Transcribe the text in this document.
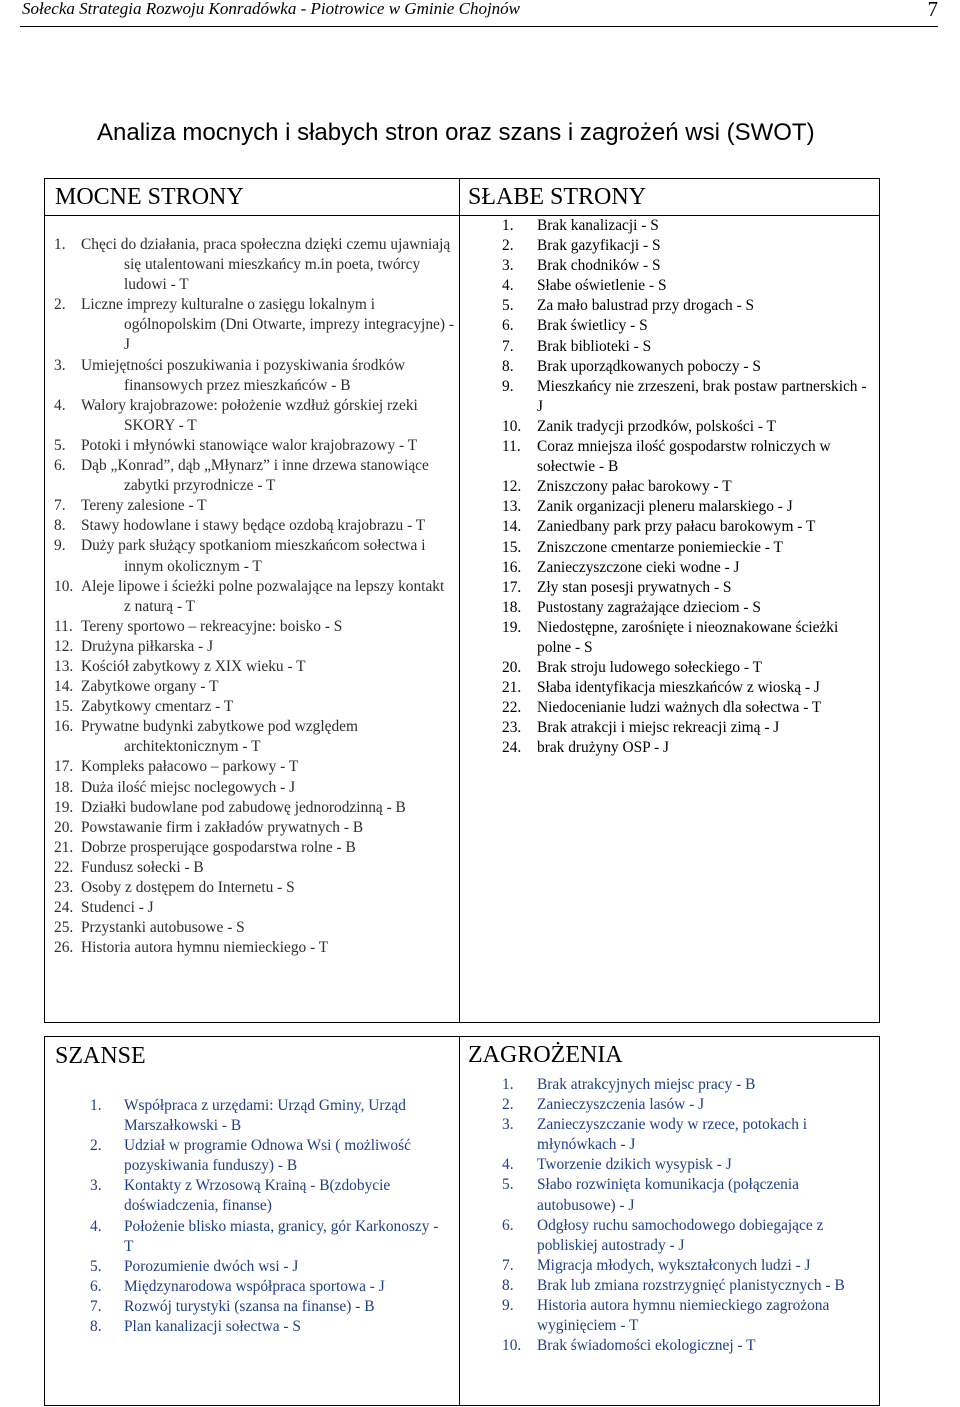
Sołecka Strategia Rozwoju Konradówka - Piotrowice w Gminie Chojnów	7
Analiza mocnych i słabych stron oraz szans i zagrożeń wsi (SWOT)
MOCNE STRONY
1. Chęci do działania, praca społeczna dzięki czemu ujawniają się utalentowani mieszkańcy m.in poeta, twórcy ludowi - T
2. Liczne imprezy kulturalne o zasięgu lokalnym i ogólnopolskim (Dni Otwarte, imprezy integracyjne) - J
3. Umiejętności poszukiwania i pozyskiwania środków finansowych przez mieszkańców - B
4. Walory krajobrazowe: położenie wzdłuż górskiej rzeki SKORY - T
5. Potoki i młynówki stanowiące walor krajobrazowy - T
6. Dąb „Konrad”, dąb „Młynarz” i inne drzewa stanowiące zabytki przyrodnicze - T
7. Tereny zalesione - T
8. Stawy hodowlane i stawy będące ozdobą krajobrazu - T
9. Duży park służący spotkaniom mieszkańcom sołectwa i innym okolicznym - T
10. Aleje lipowe i ścieżki polne pozwalające na lepszy kontakt z naturą - T
11. Tereny sportowo – rekreacyjne: boisko - S
12. Drużyna piłkarska - J
13. Kościół zabytkowy z XIX wieku - T
14. Zabytkowe organy - T
15. Zabytkowy cmentarz - T
16. Prywatne budynki zabytkowe pod względem architektonicznym - T
17. Kompleks pałacowo – parkowy - T
18. Duża ilość miejsc noclegowych - J
19. Działki budowlane pod zabudowę jednorodzinną - B
20. Powstawanie firm i zakładów prywatnych - B
21. Dobrze prosperujące gospodarstwa rolne - B
22. Fundusz sołecki - B
23. Osoby z dostępem do Internetu - S
24. Studenci - J
25. Przystanki autobusowe - S
26. Historia autora hymnu niemieckiego - T
SŁABE STRONY
1.	Brak kanalizacji - S
2.	Brak gazyfikacji - S
3.	Brak chodników - S
4.	Słabe oświetlenie - S
5.	Za mało balustrad przy drogach - S
6.	Brak świetlicy - S
7.	Brak biblioteki - S
8.	Brak uporządkowanych poboczy - S
9.	Mieszkańcy nie zrzeszeni, brak postaw partnerskich - J
10.	Zanik tradycji przodków, polskości - T
11.	Coraz mniejsza ilość gospodarstw rolniczych w sołectwie - B
12.	Zniszczony pałac barokowy - T
13.	Zanik organizacji pleneru malarskiego - J
14.	Zaniedbany park przy pałacu barokowym - T
15.	Zniszczone cmentarze poniemieckie - T
16.	Zanieczyszczone cieki wodne - J
17.	Zły stan posesji prywatnych - S
18.	Pustostany zagrażające dzieciom - S
19.	Niedostępne, zarośnięte i nieoznakowane ścieżki polne - S
20.	Brak stroju ludowego sołeckiego - T
21.	Słaba identyfikacja mieszkańców z wioską - J
22.	Niedocenianie ludzi ważnych dla sołectwa - T
23.	Brak atrakcji i miejsc rekreacji zimą - J
24.	brak drużyny OSP - J
SZANSE
1.	Współpraca z urzędami: Urząd Gminy, Urząd Marszałkowski - B
2.	Udział w programie Odnowa Wsi ( możliwość pozyskiwania funduszy) - B
3.	Kontakty z Wrzosową Krainą - B(zdobycie doświadczenia, finanse)
4.	Położenie blisko miasta, granicy, gór Karkonoszy - T
5.	Porozumienie dwóch wsi - J
6.	Międzynarodowa współpraca sportowa - J
7.	Rozwój turystyki (szansa na finanse) - B
8.	Plan kanalizacji sołectwa - S
ZAGROŻENIA
1.	Brak atrakcyjnych miejsc pracy - B
2.	Zanieczyszczenia lasów - J
3.	Zanieczyszczanie wody w rzece, potokach i młynówkach - J
4.	Tworzenie dzikich wysypisk - J
5.	Słabo rozwinięta komunikacja (połączenia autobusowe) - J
6.	Odgłosy ruchu samochodowego dobiegające z pobliskiej autostrady - J
7.	Migracja młodych, wykształconych ludzi - J
8.	Brak lub zmiana rozstrzygnięć planistycznych - B
9.	Historia autora hymnu niemieckiego zagrożona wyginięciem - T
10.	Brak świadomości ekologicznej - T
